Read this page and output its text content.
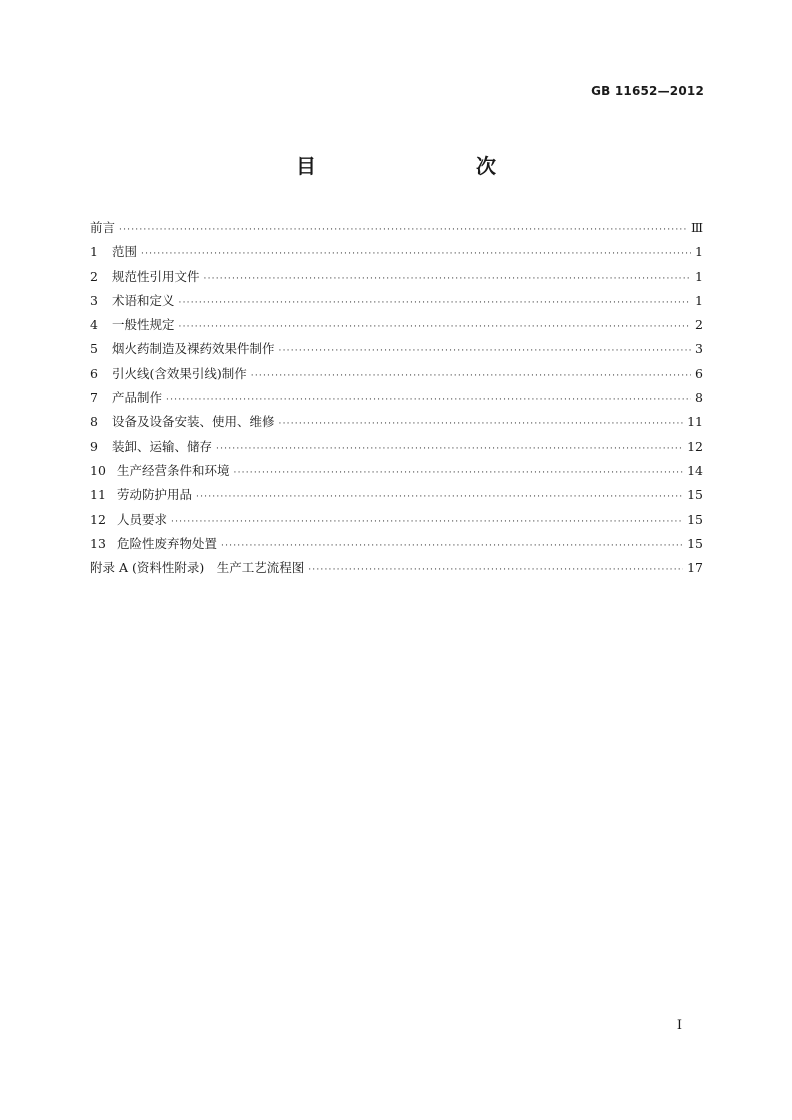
GB 11652—2012
目　　次
前言 ·····	Ⅲ
1	范围 ·····	1
2	规范性引用文件 ·····	1
3	术语和定义 ·····	1
4	一般性规定 ·····	2
5	烟火药制造及裸药效果件制作 ·····	3
6	引火线(含效果引线)制作 ·····	6
7	产品制作 ·····	8
8	设备及设备安装、使用、维修 ·····	11
9	装卸、运输、储存 ·····	12
10 生产经营条件和环境 ·····	14
11 劳动防护用品 ·····	15
12 人员要求 ·····	15
13 危险性废弃物处置 ·····	15
附录 A (资料性附录)　生产工艺流程图 ·····	17
I
